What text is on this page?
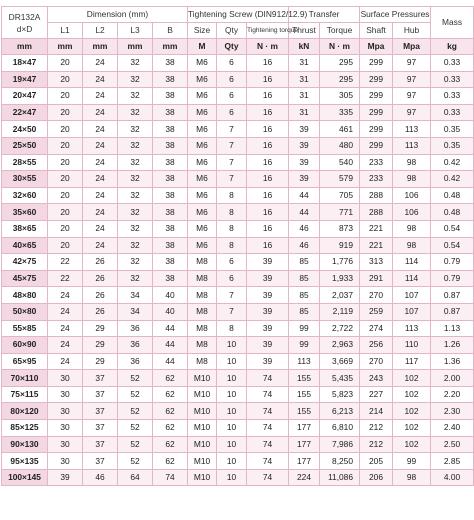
DR132A
d×D	Dimension (mm)				Tightening Screw (DIN912/12.9)			Transfer		Surface Pressures		Mass
	L1	L2	L3	B	Size	Qty	Tightening torque	Thrust	Torque	Shaft	Hub	
mm	mm	mm	mm	mm	M	Qty	N · m	kN	N · m	Mpa	Mpa	kg
18×47	20	24	32	38	M6	6	16	31	295	299	97	0.33
19×47	20	24	32	38	M6	6	16	31	295	299	97	0.33
20×47	20	24	32	38	M6	6	16	31	305	299	97	0.33
22×47	20	24	32	38	M6	6	16	31	335	299	97	0.33
24×50	20	24	32	38	M6	7	16	39	461	299	113	0.35
25×50	20	24	32	38	M6	7	16	39	480	299	113	0.35
28×55	20	24	32	38	M6	7	16	39	540	233	98	0.42
30×55	20	24	32	38	M6	7	16	39	579	233	98	0.42
32×60	20	24	32	38	M6	8	16	44	705	288	106	0.48
35×60	20	24	32	38	M6	8	16	44	771	288	106	0.48
38×65	20	24	32	38	M6	8	16	46	873	221	98	0.54
40×65	20	24	32	38	M6	8	16	46	919	221	98	0.54
42×75	22	26	32	38	M8	6	39	85	1,776	313	114	0.79
45×75	22	26	32	38	M8	6	39	85	1,933	291	114	0.79
48×80	24	26	34	40	M8	7	39	85	2,037	270	107	0.87
50×80	24	26	34	40	M8	7	39	85	2,119	259	107	0.87
55×85	24	29	36	44	M8	8	39	99	2,722	274	113	1.13
60×90	24	29	36	44	M8	10	39	99	2,963	256	110	1.26
65×95	24	29	36	44	M8	10	39	113	3,669	270	117	1.36
70×110	30	37	52	62	M10	10	74	155	5,435	243	102	2.00
75×115	30	37	52	62	M10	10	74	155	5,823	227	102	2.20
80×120	30	37	52	62	M10	10	74	155	6,213	214	102	2.30
85×125	30	37	52	62	M10	10	74	177	6,810	212	102	2.40
90×130	30	37	52	62	M10	10	74	177	7,986	212	102	2.50
95×135	30	37	52	62	M10	10	74	177	8,250	205	99	2.85
100×145	39	46	64	74	M10	10	74	224	11,086	206	98	4.00
